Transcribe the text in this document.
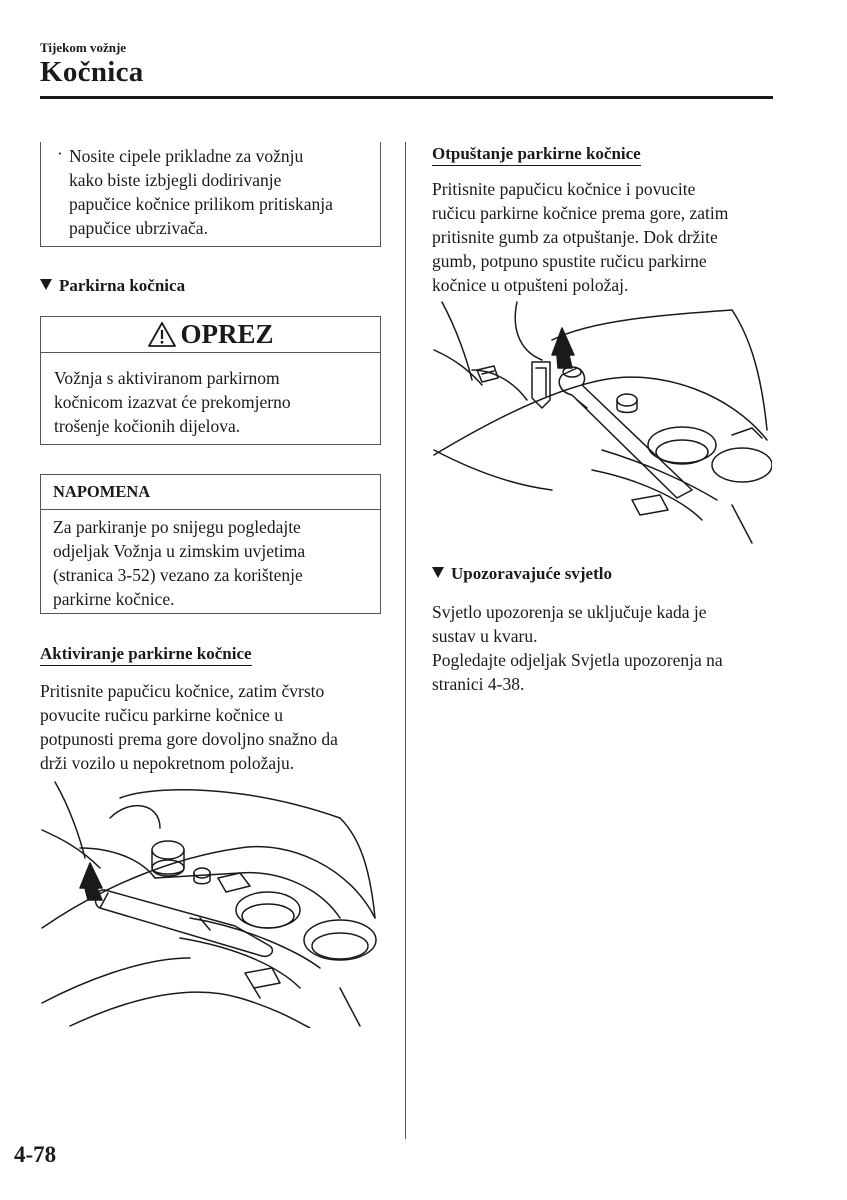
Tijekom vožnje
Kočnica
· Nosite cipele prikladne za vožnju
kako biste izbjegli dodirivanje
papučice kočnice prilikom pritiskanja
papučice ubrzivača.
Parkirna kočnica
OPREZ
Vožnja s aktiviranom parkirnom
kočnicom izazvat će prekomjerno
trošenje kočionih dijelova.
NAPOMENA
Za parkiranje po snijegu pogledajte
odjeljak Vožnja u zimskim uvjetima
(stranica 3-52) vezano za korištenje
parkirne kočnice.
Aktiviranje parkirne kočnice
Pritisnite papučicu kočnice, zatim čvrsto
povucite ručicu parkirne kočnice u
potpunosti prema gore dovoljno snažno da
drži vozilo u nepokretnom položaju.
Otpuštanje parkirne kočnice
Pritisnite papučicu kočnice i povucite
ručicu parkirne kočnice prema gore, zatim
pritisnite gumb za otpuštanje. Dok držite
gumb, potpuno spustite ručicu parkirne
kočnice u otpušteni položaj.
Upozoravajuće svjetlo
Svjetlo upozorenja se uključuje kada je
sustav u kvaru.
Pogledajte odjeljak Svjetla upozorenja na
stranici 4-38.
4-78
